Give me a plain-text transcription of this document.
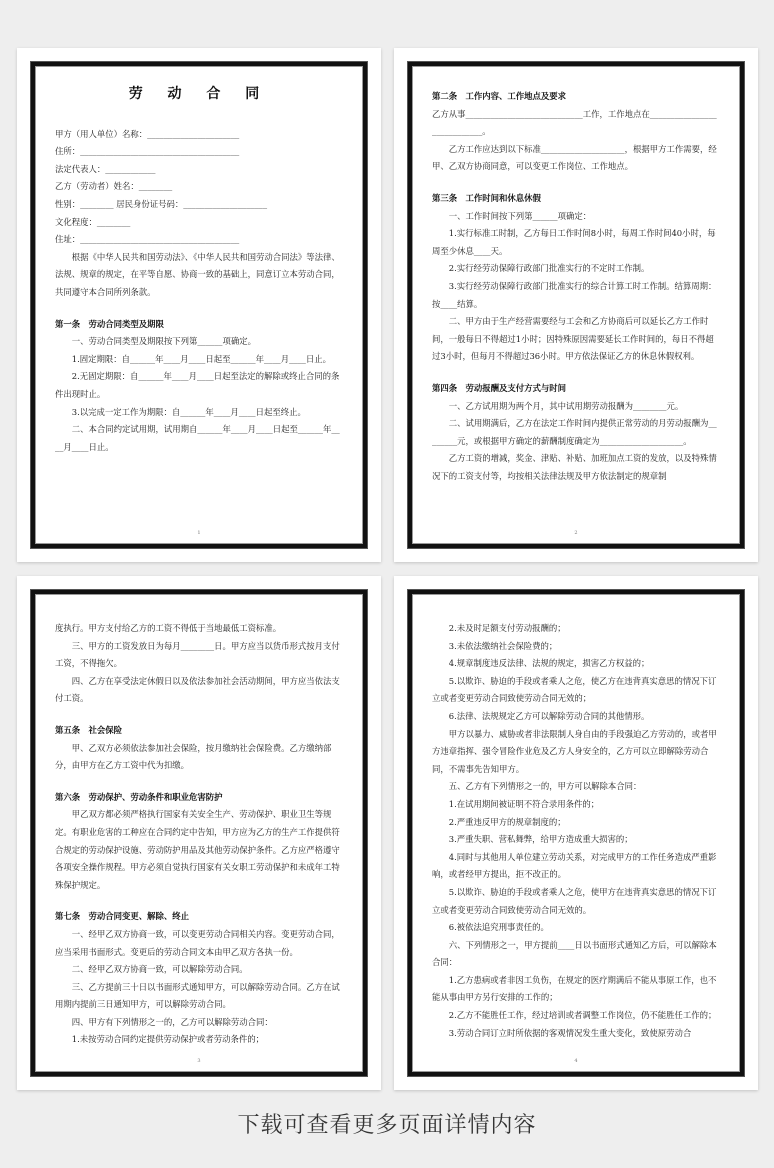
劳 动 合 同

甲方（用人单位）名称：______________________

住所：______________________________________

法定代表人：____________

乙方（劳动者）姓名：________

性别：________ 居民身份证号码：____________________

文化程度：________

住址：______________________________________

　　根据《中华人民共和国劳动法》、《中华人民共和国劳动合同法》等法律、法规、规章的规定，在平等自愿、协商一致的基础上，同意订立本劳动合同，共同遵守本合同所列条款。

第一条　劳动合同类型及期限

　　一、劳动合同类型及期限按下列第______项确定。

　　1.固定期限：自______年____月____日起至______年____月____日止。

　　2.无固定期限：自______年____月____日起至法定的解除或终止合同的条件出现时止。

　　3.以完成一定工作为期限：自______年____月____日起至终止。

　　二、本合同约定试用期，试用期自______年____月____日起至______年____月____日止。

1

第二条　工作内容、工作地点及要求

乙方从事____________________________工作，工作地点在____________________________。

　　乙方工作应达到以下标准____________________，根据甲方工作需要，经甲、乙双方协商同意，可以变更工作岗位、工作地点。

第三条　工作时间和休息休假

　　一、工作时间按下列第______项确定：

　　1.实行标准工时制，乙方每日工作时间8小时，每周工作时间40小时，每周至少休息____天。

　　2.实行经劳动保障行政部门批准实行的不定时工作制。

　　3.实行经劳动保障行政部门批准实行的综合计算工时工作制。结算周期：按____结算。

　　二、甲方由于生产经营需要经与工会和乙方协商后可以延长乙方工作时间，一般每日不得超过1小时；因特殊原因需要延长工作时间的，每日不得超过3小时，但每月不得超过36小时。甲方依法保证乙方的休息休假权利。

第四条　劳动报酬及支付方式与时间

　　一、乙方试用期为两个月，其中试用期劳动报酬为________元。

　　二、试用期满后，乙方在法定工作时间内提供正常劳动的月劳动报酬为________元，或根据甲方确定的薪酬制度确定为____________________。

　　乙方工资的增减，奖金、津贴、补贴、加班加点工资的发放，以及特殊情况下的工资支付等，均按相关法律法规及甲方依法制定的规章制

2

度执行。甲方支付给乙方的工资不得低于当地最低工资标准。

　　三、甲方的工资发放日为每月________日。甲方应当以货币形式按月支付工资，不得拖欠。

　　四、乙方在享受法定休假日以及依法参加社会活动期间，甲方应当依法支付工资。

第五条　社会保险

　　甲、乙双方必须依法参加社会保险，按月缴纳社会保险费。乙方缴纳部分，由甲方在乙方工资中代为扣缴。

第六条　劳动保护、劳动条件和职业危害防护

　　甲乙双方都必须严格执行国家有关安全生产、劳动保护、职业卫生等规定。有职业危害的工种应在合同约定中告知，甲方应为乙方的生产工作提供符合规定的劳动保护设施、劳动防护用品及其他劳动保护条件。乙方应严格遵守各项安全操作规程。甲方必须自觉执行国家有关女职工劳动保护和未成年工特殊保护规定。

第七条　劳动合同变更、解除、终止

　　一、经甲乙双方协商一致，可以变更劳动合同相关内容。变更劳动合同，应当采用书面形式。变更后的劳动合同文本由甲乙双方各执一份。

　　二、经甲乙双方协商一致，可以解除劳动合同。

　　三、乙方提前三十日以书面形式通知甲方，可以解除劳动合同。乙方在试用期内提前三日通知甲方，可以解除劳动合同。

　　四、甲方有下列情形之一的，乙方可以解除劳动合同：

　　1.未按劳动合同约定提供劳动保护或者劳动条件的；

3

　　2.未及时足额支付劳动报酬的；

　　3.未依法缴纳社会保险费的；

　　4.规章制度违反法律、法规的规定，损害乙方权益的；

　　5.以欺诈、胁迫的手段或者乘人之危，使乙方在违背真实意思的情况下订立或者变更劳动合同致使劳动合同无效的；

　　6.法律、法规规定乙方可以解除劳动合同的其他情形。

　　甲方以暴力、威胁或者非法限制人身自由的手段强迫乙方劳动的，或者甲方违章指挥、强令冒险作业危及乙方人身安全的，乙方可以立即解除劳动合同，不需事先告知甲方。

　　五、乙方有下列情形之一的，甲方可以解除本合同：

　　1.在试用期间被证明不符合录用条件的；

　　2.严重违反甲方的规章制度的；

　　3.严重失职、营私舞弊，给甲方造成重大损害的；

　　4.同时与其他用人单位建立劳动关系，对完成甲方的工作任务造成严重影响，或者经甲方提出，拒不改正的。

　　5.以欺诈、胁迫的手段或者乘人之危，使甲方在违背真实意思的情况下订立或者变更劳动合同致使劳动合同无效的。

　　6.被依法追究刑事责任的。

　　六、下列情形之一，甲方提前____日以书面形式通知乙方后，可以解除本合同：

　　1.乙方患病或者非因工负伤，在规定的医疗期满后不能从事原工作，也不能从事由甲方另行安排的工作的；

　　2.乙方不能胜任工作，经过培训或者调整工作岗位，仍不能胜任工作的；

　　3.劳动合同订立时所依据的客观情况发生重大变化，致使原劳动合

4
下载可查看更多页面详情内容
